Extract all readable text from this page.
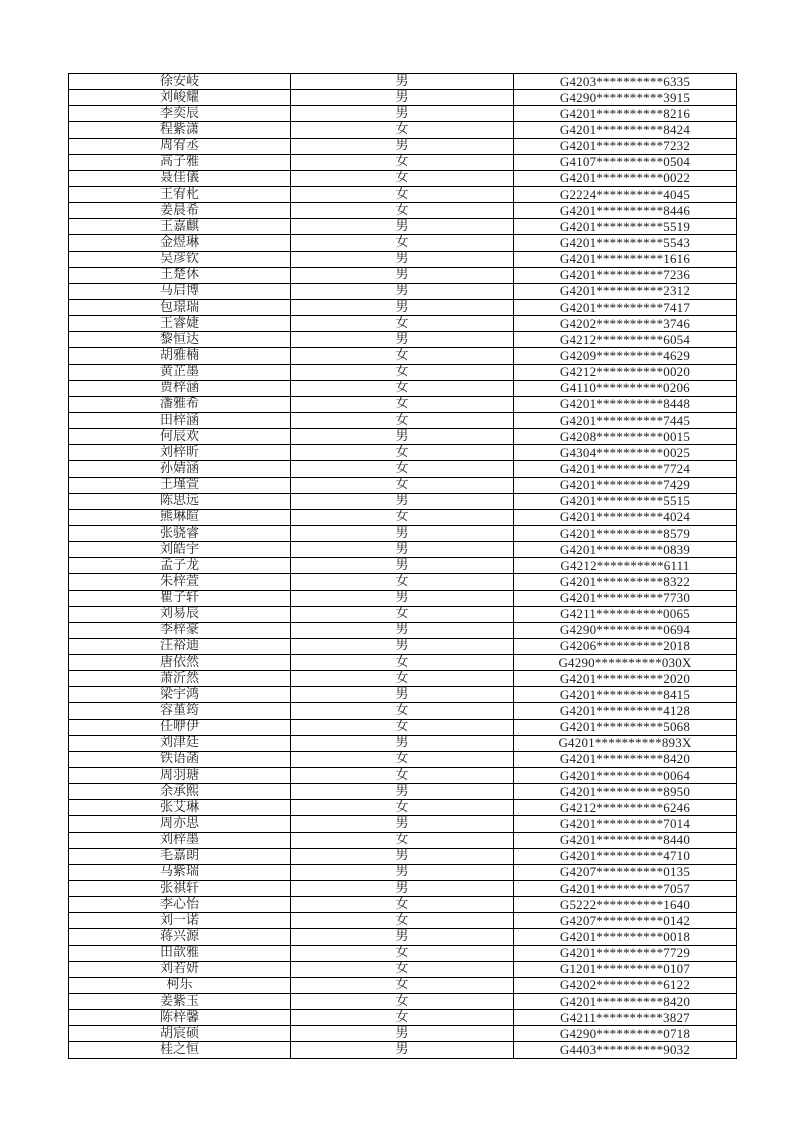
徐安岐	男	G4203**********6335
刘峻耀	男	G4290**********3915
李奕辰	男	G4201**********8216
程紫潇	女	G4201**********8424
周宥丞	男	G4201**********7232
高子雅	女	G4107**********0504
聂佳儀	女	G4201**********0022
王宥朼	女	G2224**********4045
姜晨希	女	G4201**********8446
王嘉麒	男	G4201**********5519
金煜琳	女	G4201**********5543
吴彦钦	男	G4201**********1616
王楚休	男	G4201**********7236
马启博	男	G4201**********2312
包璟瑞	男	G4201**********7417
王睿婕	女	G4202**********3746
黎恒达	男	G4212**********6054
胡雅楠	女	G4209**********4629
黄芷墨	女	G4212**********0020
贾梓涵	女	G4110**********0206
潘雅希	女	G4201**********8448
田梓涵	女	G4201**********7445
何辰欢	男	G4208**********0015
刘梓昕	女	G4304**********0025
孙婧涵	女	G4201**********7724
王瑾萱	女	G4201**********7429
陈思远	男	G4201**********5515
熊琳暄	女	G4201**********4024
张骁睿	男	G4201**********8579
刘皓宇	男	G4201**********0839
孟子龙	男	G4212**********6111
朱梓萱	女	G4201**********8322
瞿子轩	男	G4201**********7730
刘易辰	女	G4211**********0065
李梓豪	男	G4290**********0694
汪裕迪	男	G4206**********2018
唐依然	女	G4290**********030X
萧沂然	女	G4201**********2020
梁宇鸿	男	G4201**********8415
容堇筠	女	G4201**********4128
任咿伊	女	G4201**********5068
刘津廷	男	G4201**********893X
铁语菡	女	G4201**********8420
周羽瑭	女	G4201**********0064
余承熙	男	G4201**********8950
张艾琳	女	G4212**********6246
周亦思	男	G4201**********7014
刘梓墨	女	G4201**********8440
毛嘉朗	男	G4201**********4710
马紫瑞	男	G4207**********0135
张祺轩	男	G4201**********7057
李心怡	女	G5222**********1640
刘一诺	女	G4207**********0142
蒋兴源	男	G4201**********0018
田歆雅	女	G4201**********7729
刘若妍	女	G1201**********0107
柯乐	女	G4202**********6122
姜紫玉	女	G4201**********8420
陈梓馨	女	G4211**********3827
胡宸硕	男	G4290**********0718
桂之恒	男	G4403**********9032
